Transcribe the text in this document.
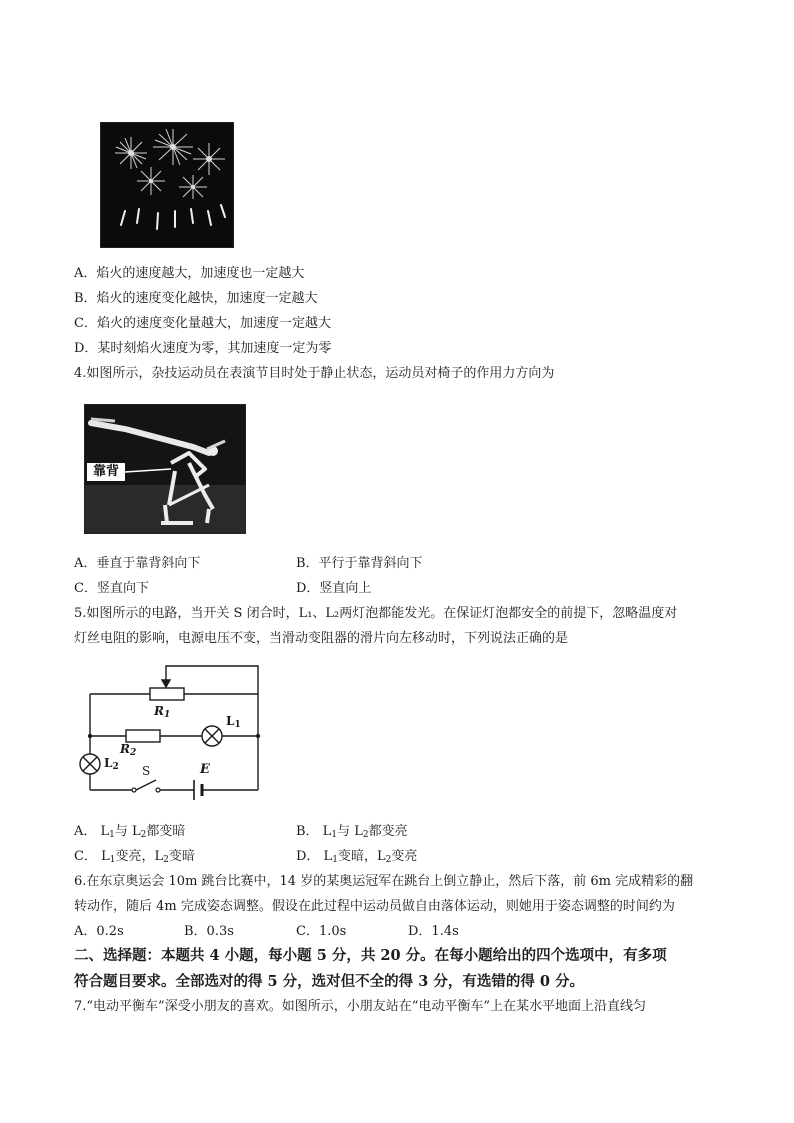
A．焰火的速度越大，加速度也一定越大
B．焰火的速度变化越快，加速度一定越大
C．焰火的速度变化量越大，加速度一定越大
D．某时刻焰火速度为零，其加速度一定为零
4.如图所示，杂技运动员在表演节目时处于静止状态，运动员对椅子的作用力方向为
靠背
A．垂直于靠背斜向下	B．平行于靠背斜向下
C．竖直向下	D．竖直向上
5.如图所示的电路，当开关 S 闭合时，L₁、L₂两灯泡都能发光。在保证灯泡都安全的前提下，忽略温度对
灯丝电阻的影响，电源电压不变，当滑动变阻器的滑片向左移动时，下列说法正确的是
$R_1$
$R_2$
$L_1$
$L_2$ S	E
A． $L_1$与 $L_2$都变暗	B． $L_1$与 $L_2$都变亮
C． $L_1$变亮，$L_2$变暗	D． $L_1$变暗，$L_2$变亮
6.在东京奥运会 10m 跳台比赛中，14 岁的某奥运冠军在跳台上倒立静止，然后下落，前 6m 完成精彩的翻
转动作，随后 4m 完成姿态调整。假设在此过程中运动员做自由落体运动，则她用于姿态调整的时间约为
A．0.2s	B．0.3s	C．1.0s	D．1.4s
二、选择题：本题共 4 小题，每小题 5 分，共 20 分。在每小题给出的四个选项中，有多项
符合题目要求。全部选对的得 5 分，选对但不全的得 3 分，有选错的得 0 分。
7.“电动平衡车”深受小朋友的喜欢。如图所示，小朋友站在“电动平衡车”上在某水平地面上沿直线匀
